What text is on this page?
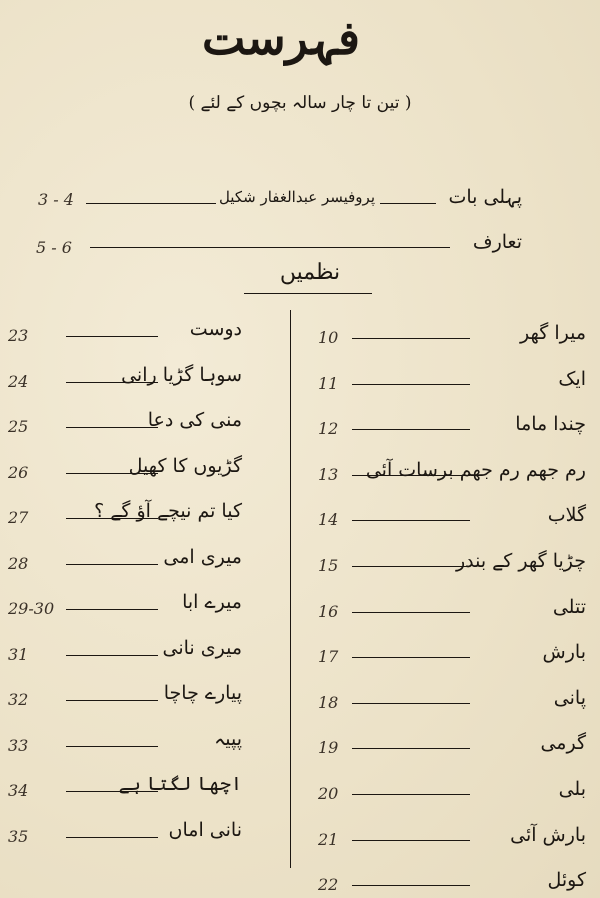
فہرست
( تین تا چار سالہ بچوں کے لئے )
پہلی بات
پروفیسر عبدالغفار شکیل
3 - 4
تعارف
5 - 6
نظمیں
میرا گھر
10
ایک
11
چندا ماما
12
رم جھم رم جھم برسات آئی
13
گلاب
14
چڑیا گھر کے بندر
15
تتلی
16
بارش
17
پانی
18
گرمی
19
بلی
20
بارش آئی
21
کوئل
22
دوست
23
سوہا گڑیا رانی
24
منی کی دعا
25
گڑیوں کا کھیل
26
کیا تم نیچے آؤ گے ؟
27
میری امی
28
میرے ابا
29-30
میری نانی
31
پیارے چاچا
32
پپیہ
33
اچھا لگتا ہے
34
نانی اماں
35
